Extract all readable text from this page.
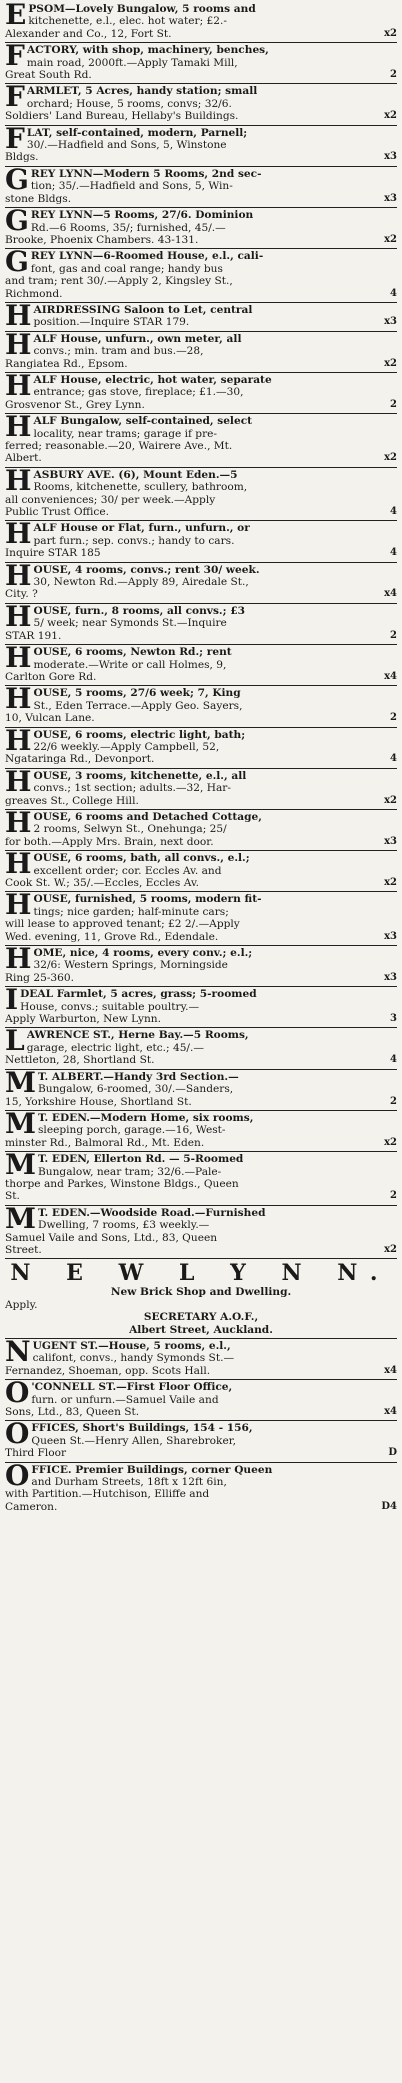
E PSOM—Lovely Bungalow, 5 rooms and
kitchenette, e.l., elec. hot water; £2.-
x2
Alexander and Co., 12, Fort St.
F ACTORY, with shop, machinery, benches,
main road, 2000ft.—Apply Tamaki Mill,
2
Great South Rd.
F ARMLET, 5 Acres, handy station; small
orchard; House, 5 rooms, convs; 32/6.
x2
Soldiers' Land Bureau, Hellaby's Buildings.
F LAT, self-contained, modern, Parnell;
30/.—Hadfield and Sons, 5, Winstone
x3
Bldgs.
G REY LYNN—Modern 5 Rooms, 2nd sec-
tion; 35/.—Hadfield and Sons, 5, Win-
x3
stone Bldgs.
G REY LYNN—5 Rooms, 27/6. Dominion
Rd.—6 Rooms, 35/; furnished, 45/.—
x2
Brooke, Phoenix Chambers. 43-131.
G REY LYNN—6-Roomed House, e.l., cali-
font, gas and coal range; handy bus
and tram; rent 30/.—Apply 2, Kingsley St.,
4
Richmond.
H AIRDRESSING Saloon to Let, central
x3
position.—Inquire STAR 179.
H ALF House, unfurn., own meter, all
convs.; min. tram and bus.—28,
x2
Rangiatea Rd., Epsom.
H ALF House, electric, hot water, separate
entrance; gas stove, fireplace; £1.—30,
2
Grosvenor St., Grey Lynn.
H ALF Bungalow, self-contained, select
locality, near trams; garage if pre-
ferred; reasonable.—20, Wairere Ave., Mt.
x2
Albert.
H ASBURY AVE. (6), Mount Eden.—5
Rooms, kitchenette, scullery, bathroom,
all conveniences; 30/ per week.—Apply
4
Public Trust Office.
H ALF House or Flat, furn., unfurn., or
part furn.; sep. convs.; handy to cars.
4
Inquire STAR 185
H OUSE, 4 rooms, convs.; rent 30/ week.
30, Newton Rd.—Apply 89, Airedale St.,
x4
City. ?
H OUSE, furn., 8 rooms, all convs.; £3
5/ week; near Symonds St.—Inquire
2
STAR 191.
H OUSE, 6 rooms, Newton Rd.; rent
moderate.—Write or call Holmes, 9,
x4
Carlton Gore Rd.
H OUSE, 5 rooms, 27/6 week; 7, King
St., Eden Terrace.—Apply Geo. Sayers,
2
10, Vulcan Lane.
H OUSE, 6 rooms, electric light, bath;
22/6 weekly.—Apply Campbell, 52,
4
Ngataringa Rd., Devonport.
H OUSE, 3 rooms, kitchenette, e.l., all
convs.; 1st section; adults.—32, Har-
x2
greaves St., College Hill.
H OUSE, 6 rooms and Detached Cottage,
2 rooms, Selwyn St., Onehunga; 25/
x3
for both.—Apply Mrs. Brain, next door.
H OUSE, 6 rooms, bath, all convs., e.l.;
excellent order; cor. Eccles Av. and
x2
Cook St. W.; 35/.—Eccles, Eccles Av.
H OUSE, furnished, 5 rooms, modern fit-
tings; nice garden; half-minute cars;
will lease to approved tenant; £2 2/.—Apply
x3
Wed. evening, 11, Grove Rd., Edendale.
H OME, nice, 4 rooms, every conv.; e.l.;
32/6: Western Springs, Morningside
x3
Ring 25-360.
I DEAL Farmlet, 5 acres, grass; 5-roomed
House, convs.; suitable poultry.—
3
Apply Warburton, New Lynn.
L AWRENCE ST., Herne Bay.—5 Rooms,
garage, electric light, etc.; 45/.—
4
Nettleton, 28, Shortland St.
M T. ALBERT.—Handy 3rd Section.—
Bungalow, 6-roomed, 30/.—Sanders,
2
15, Yorkshire House, Shortland St.
M T. EDEN.—Modern Home, six rooms,
sleeping porch, garage.—16, West-
x2
minster Rd., Balmoral Rd., Mt. Eden.
M T. EDEN, Ellerton Rd. — 5-Roomed
Bungalow, near tram; 32/6.—Pale-
thorpe and Parkes, Winstone Bldgs., Queen
2
St.
M T. EDEN.—Woodside Road.—Furnished
Dwelling, 7 rooms, £3 weekly.—
Samuel Vaile and Sons, Ltd., 83, Queen
x2
Street.
N E W L Y N N.
New Brick Shop and Dwelling.
Apply.
SECRETARY A.O.F.,
Albert Street, Auckland.
N UGENT ST.—House, 5 rooms, e.l.,
califont, convs., handy Symonds St.—
x4
Fernandez, Shoeman, opp. Scots Hall.
O 'CONNELL ST.—First Floor Office,
furn. or unfurn.—Samuel Vaile and
x4
Sons, Ltd., 83, Queen St.
O FFICES, Short's Buildings, 154 - 156,
Queen St.—Henry Allen, Sharebroker,
D
Third Floor
O FFICE. Premier Buildings, corner Queen
and Durham Streets, 18ft x 12ft 6in,
with Partition.—Hutchison, Elliffe and
D4
Cameron.
